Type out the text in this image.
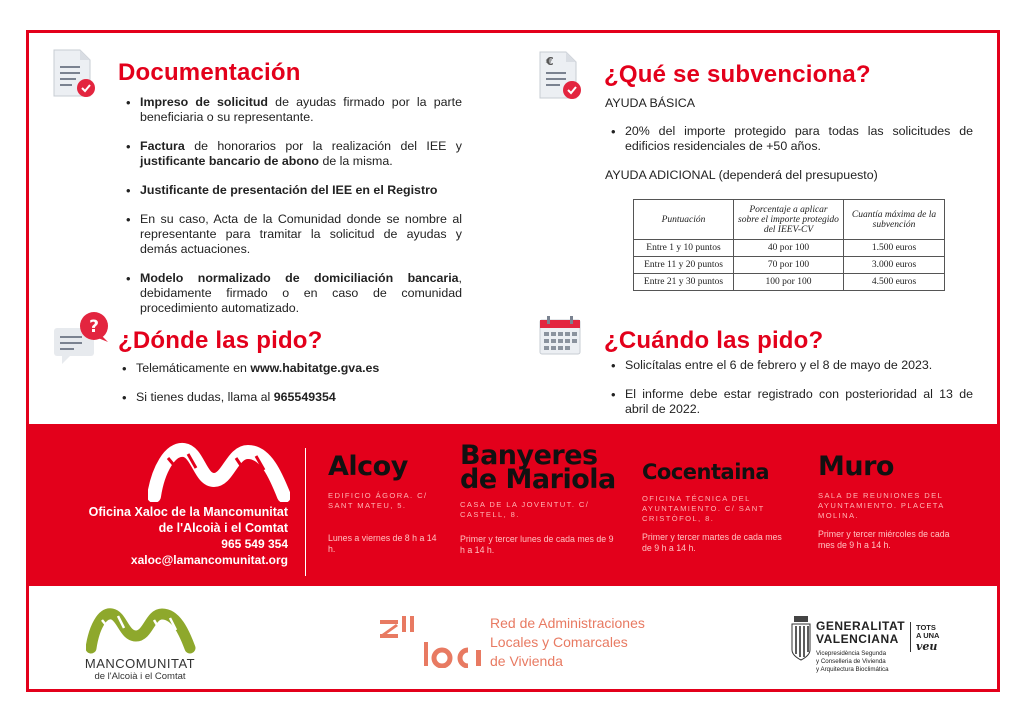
Documentación
• Impreso de solicitud de ayudas firmado por la parte beneficiaria o su representante.
• Factura de honorarios por la realización del IEE y justificante bancario de abono de la misma.
• Justificante de presentación del IEE en el Registro
• En su caso, Acta de la Comunidad donde se nombre al representante para tramitar la solicitud de ayudas y demás actuaciones.
• Modelo normalizado de domiciliación bancaria, debidamente firmado o en caso de comunidad procedimiento automatizado.
? ¿Dónde las pido?
• Telemáticamente en www.habitatge.gva.es
• Si tienes dudas, llama al 965549354
€ ¿Qué se subvenciona?
AYUDA BÁSICA
• 20% del importe protegido para todas las solicitudes de edificios residenciales de +50 años.
AYUDA ADICIONAL (dependerá del presupuesto)
Puntuación	Porcentaje a aplicar sobre el importe protegido del IEEV-CV	Cuantía máxima de la subvención
Entre 1 y 10 puntos	40 por 100	1.500 euros
Entre 11 y 20 puntos	70 por 100	3.000 euros
Entre 21 y 30 puntos	100 por 100	4.500 euros
¿Cuándo las pido?
• Solicítalas entre el 6 de febrero y el 8 de mayo de 2023.
• El informe debe estar registrado con posterioridad al 13 de abril de 2022.
Oficina Xaloc de la Mancomunitat
de l'Alcoià i el Comtat
965 549 354
xaloc@lamancomunitat.org
Alcoy
EDIFICIO ÁGORA. C/ SANT MATEU, 5.
Lunes a viernes de 8 h a 14 h.
Banyeres
de Mariola
CASA DE LA JOVENTUT. C/ CASTELL, 8.
Primer y tercer lunes de cada mes de 9 h a 14 h.
Cocentaina
OFICINA TÉCNICA DEL AYUNTAMIENTO. C/ SANT CRISTÒFOL, 8.
Primer y tercer martes de cada mes de 9 h a 14 h.
Muro
SALA DE REUNIONES DEL AYUNTAMIENTO. PLACETA MOLINA.
Primer y tercer miércoles de cada mes de 9 h a 14 h.
MANCOMUNITAT
de l'Alcoià i el Comtat
Red de Administraciones
Locales y Comarcales
de Vivienda
GENERALITAT
VALENCIANA
Vicepresidència Segunda
y Conselleria de Vivienda
y Arquitectura Bioclimática
TOTS
A UNA
veu
